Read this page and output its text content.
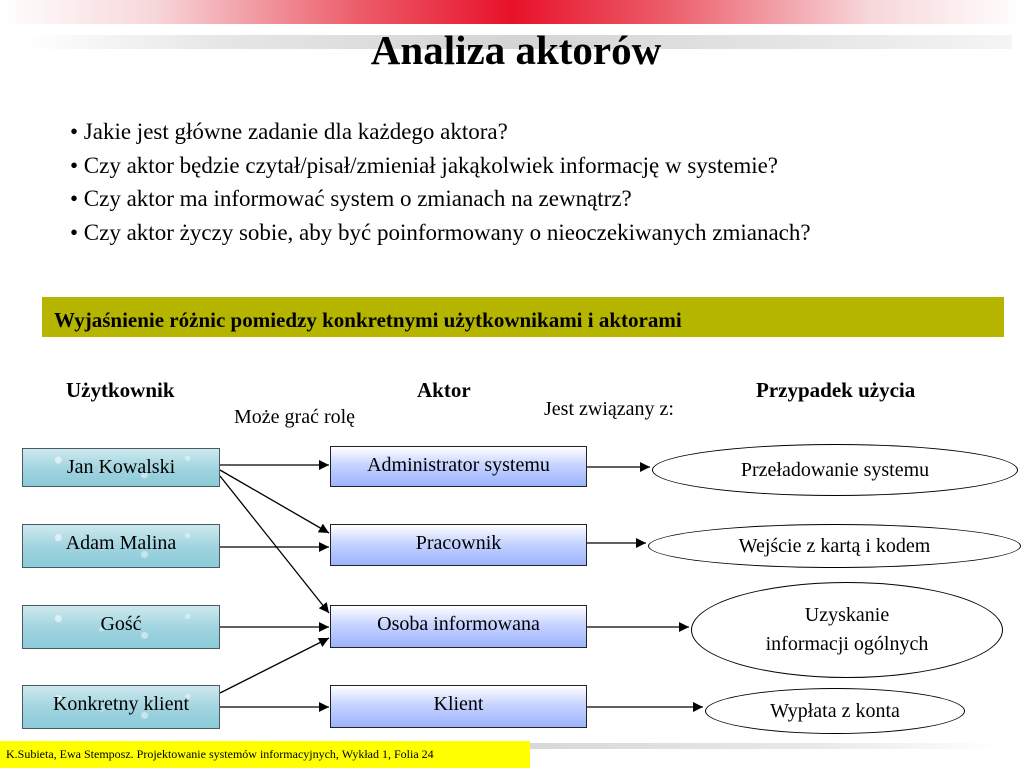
Analiza aktorów
• Jakie jest główne zadanie dla każdego aktora?
• Czy aktor będzie czytał/pisał/zmieniał jakąkolwiek informację w systemie?
• Czy aktor ma informować system o zmianach na zewnątrz?
• Czy aktor życzy sobie, aby być poinformowany o nieoczekiwanych zmianach?
Wyjaśnienie różnic pomiedzy konkretnymi użytkownikami i aktorami
Użytkownik	Aktor	Przypadek użycia
Może grać rolę	Jest związany z:
Jan Kowalski
Adam Malina
Gość
Konkretny klient
Administrator systemu
Pracownik
Osoba informowana
Klient
Przeładowanie systemu
Wejście z kartą i kodem
Uzyskanie
informacji ogólnych
Wypłata z konta
K.Subieta, Ewa Stemposz. Projektowanie systemów informacyjnych, Wykład 1, Folia 24
